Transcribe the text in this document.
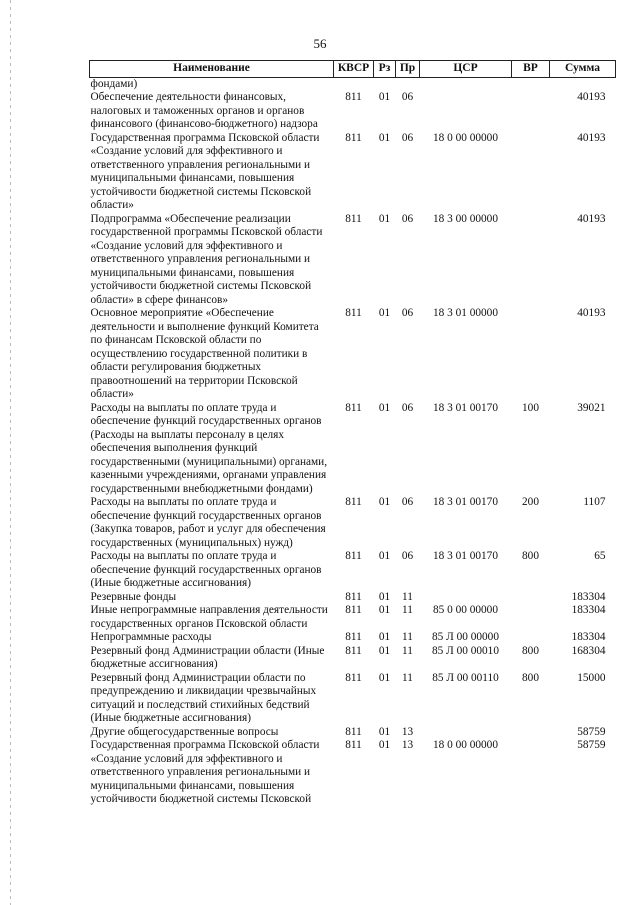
56
Наименование	КВСР	Рз	Пр	ЦСР	ВР	Сумма
фондами)						
Обеспечение деятельности финансовых, налоговых и таможенных органов и органов финансового (финансово-бюджетного) надзора	811	01	06			40193
Государственная программа Псковской области «Создание условий для эффективного и ответственного управления региональными и муниципальными финансами, повышения устойчивости бюджетной системы Псковской области»	811	01	06	18 0 00 00000		40193
Подпрограмма «Обеспечение реализации государственной программы Псковской области «Создание условий для эффективного и ответственного управления региональными и муниципальными финансами, повышения устойчивости бюджетной системы Псковской области» в сфере финансов»	811	01	06	18 3 00 00000		40193
Основное мероприятие «Обеспечение деятельности и выполнение функций Комитета по финансам Псковской области по осуществлению государственной политики в области регулирования бюджетных правоотношений на территории Псковской области»	811	01	06	18 3 01 00000		40193
Расходы на выплаты по оплате труда и обеспечение функций государственных органов (Расходы на выплаты персоналу в целях обеспечения выполнения функций государственными (муниципальными) органами, казенными учреждениями, органами управления государственными внебюджетными фондами)	811	01	06	18 3 01 00170	100	39021
Расходы на выплаты по оплате труда и обеспечение функций государственных органов (Закупка товаров, работ и услуг для обеспечения государственных (муниципальных) нужд)	811	01	06	18 3 01 00170	200	1107
Расходы на выплаты по оплате труда и обеспечение функций государственных органов (Иные бюджетные ассигнования)	811	01	06	18 3 01 00170	800	65
Резервные фонды	811	01	11			183304
Иные непрограммные направления деятельности государственных органов Псковской области	811	01	11	85 0 00 00000		183304
Непрограммные расходы	811	01	11	85 Л 00 00000		183304
Резервный фонд Администрации области (Иные бюджетные ассигнования)	811	01	11	85 Л 00 00010	800	168304
Резервный фонд Администрации области по предупреждению и ликвидации чрезвычайных ситуаций и последствий стихийных бедствий (Иные бюджетные ассигнования)	811	01	11	85 Л 00 00110	800	15000
Другие общегосударственные вопросы	811	01	13			58759
Государственная программа Псковской области «Создание условий для эффективного и ответственного управления региональными и муниципальными финансами, повышения устойчивости бюджетной системы Псковской	811	01	13	18 0 00 00000		58759
